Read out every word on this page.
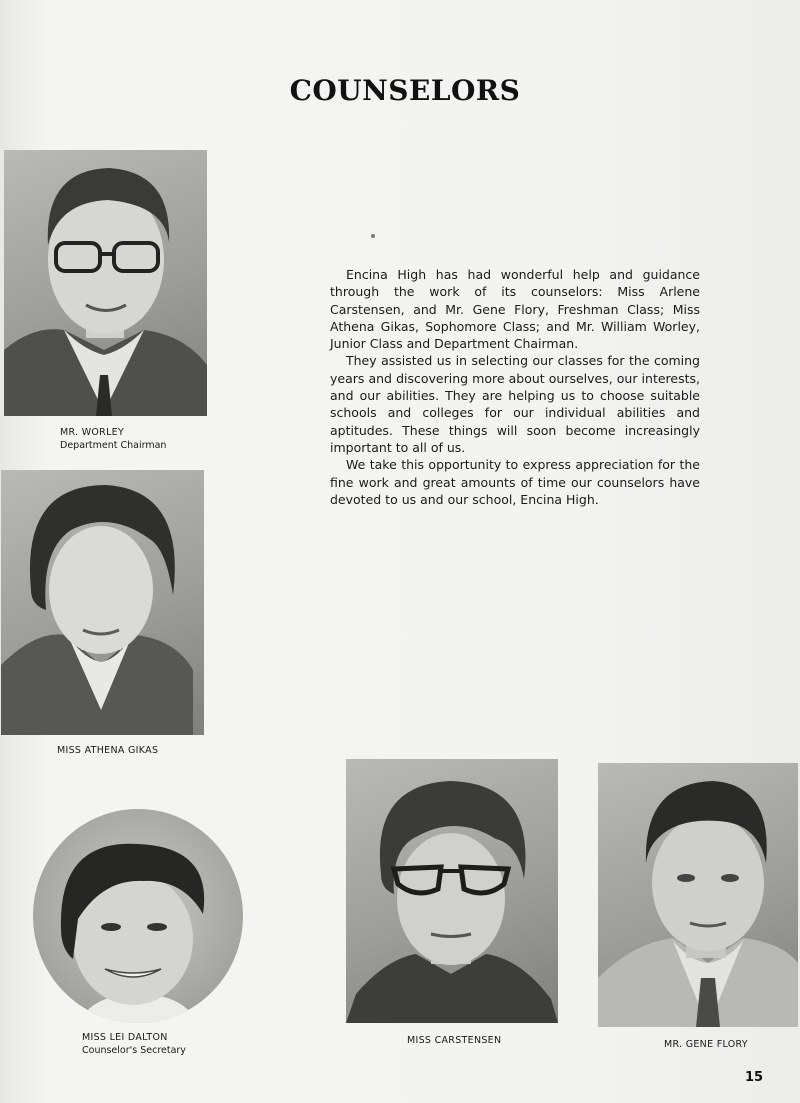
COUNSELORS
MR. WORLEY
Department Chairman
MISS ATHENA GIKAS
MISS LEI DALTON
Counselor's Secretary
MISS CARSTENSEN	MR. GENE FLORY

Encina High has had wonderful help and guidance through the work of its counselors: Miss Arlene Carstensen, and Mr. Gene Flory, Freshman Class; Miss Athena Gikas, Sophomore Class; and Mr. William Worley, Junior Class and Department Chairman.

They assisted us in selecting our classes for the coming years and discovering more about ourselves, our interests, and our abilities. They are helping us to choose suitable schools and colleges for our individual abilities and aptitudes. These things will soon become increasingly important to all of us.

We take this opportunity to express appreciation for the fine work and great amounts of time our counselors have devoted to us and our school, Encina High.

15
